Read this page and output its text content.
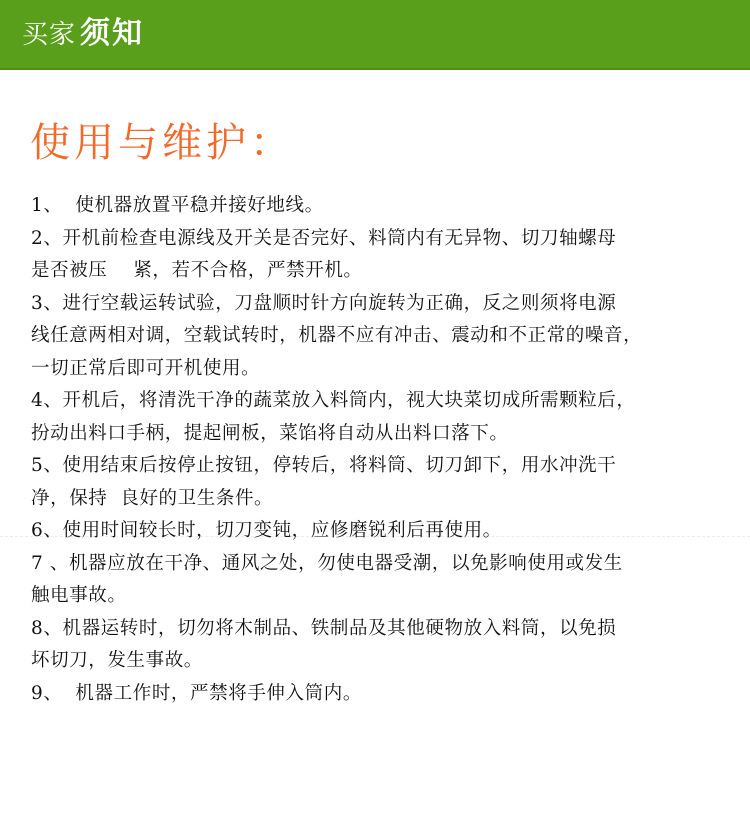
买家 须知
使用与维护：
1、  使机器放置平稳并接好地线。
2、开机前检查电源线及开关是否完好、料筒内有无异物、切刀轴螺母
是否被压    紧，若不合格，严禁开机。
3、进行空载运转试验，刀盘顺时针方向旋转为正确，反之则须将电源
线任意两相对调，空载试转时，机器不应有冲击、震动和不正常的噪音，
一切正常后即可开机使用。
4、开机后，将清洗干净的蔬菜放入料筒内，视大块菜切成所需颗粒后，
扮动出料口手柄，提起闸板，菜馅将自动从出料口落下。
5、使用结束后按停止按钮，停转后，将料筒、切刀卸下，用水冲洗干
净，保持  良好的卫生条件。
6、使用时间较长时，切刀变钝，应修磨锐利后再使用。
7 、机器应放在干净、通风之处，勿使电器受潮，以免影响使用或发生
触电事故。
8、机器运转时，切勿将木制品、铁制品及其他硬物放入料筒，以免损
坏切刀，发生事故。
9、  机器工作时，严禁将手伸入筒内。
